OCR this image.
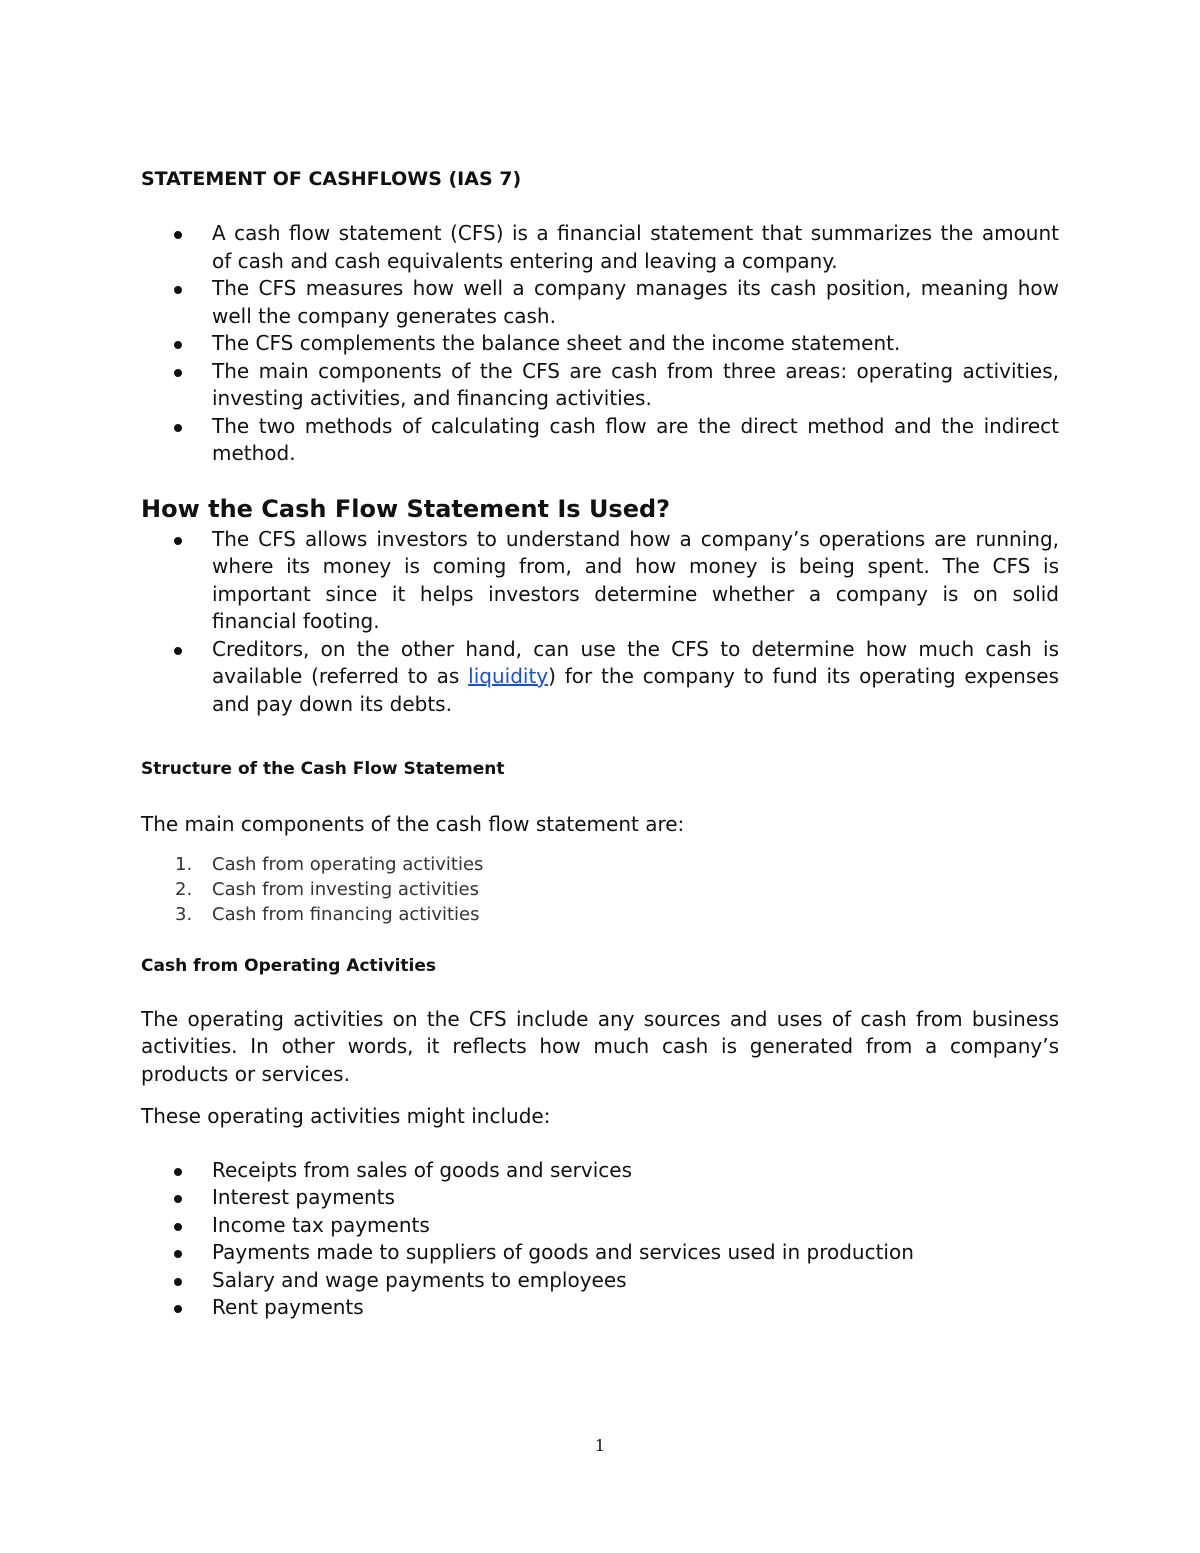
STATEMENT OF CASHFLOWS (IAS 7)
A cash flow statement (CFS) is a financial statement that summarizes the amount of cash and cash equivalents entering and leaving a company.
The CFS measures how well a company manages its cash position, meaning how well the company generates cash.
The CFS complements the balance sheet and the income statement.
The main components of the CFS are cash from three areas: operating activities, investing activities, and financing activities.
The two methods of calculating cash flow are the direct method and the indirect method.
How the Cash Flow Statement Is Used?
The CFS allows investors to understand how a company’s operations are running, where its money is coming from, and how money is being spent. The CFS is important since it helps investors determine whether a company is on solid financial footing.
Creditors, on the other hand, can use the CFS to determine how much cash is available (referred to as liquidity) for the company to fund its operating expenses and pay down its debts.
Structure of the Cash Flow Statement
The main components of the cash flow statement are:
1. Cash from operating activities
2. Cash from investing activities
3. Cash from financing activities
Cash from Operating Activities
The operating activities on the CFS include any sources and uses of cash from business activities. In other words, it reflects how much cash is generated from a company’s products or services.
These operating activities might include:
Receipts from sales of goods and services
Interest payments
Income tax payments
Payments made to suppliers of goods and services used in production
Salary and wage payments to employees
Rent payments
1
